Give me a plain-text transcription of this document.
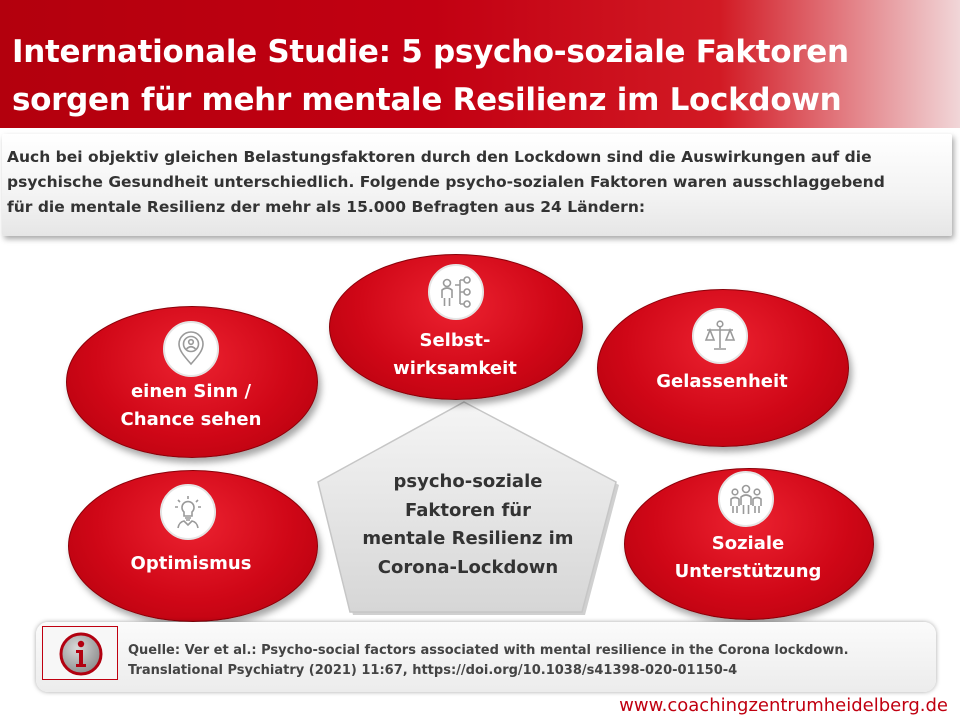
Internationale Studie: 5 psycho-soziale Faktoren
sorgen für mehr mentale Resilienz im Lockdown
Auch bei objektiv gleichen Belastungsfaktoren durch den Lockdown sind die Auswirkungen auf die
psychische Gesundheit unterschiedlich. Folgende psycho-sozialen Faktoren waren ausschlaggebend
für die mentale Resilienz der mehr als 15.000 Befragten aus 24 Ländern:
psycho-soziale
Faktoren für
mentale Resilienz im
Corona-Lockdown
Selbst-
wirksamkeit
einen Sinn /
Chance sehen
Gelassenheit
Optimismus
Soziale
Unterstützung
Quelle: Ver et al.: Psycho-social factors associated with mental resilience in the Corona lockdown.
Translational Psychiatry (2021) 11:67, https://doi.org/10.1038/s41398-020-01150-4
www.coachingzentrumheidelberg.de
